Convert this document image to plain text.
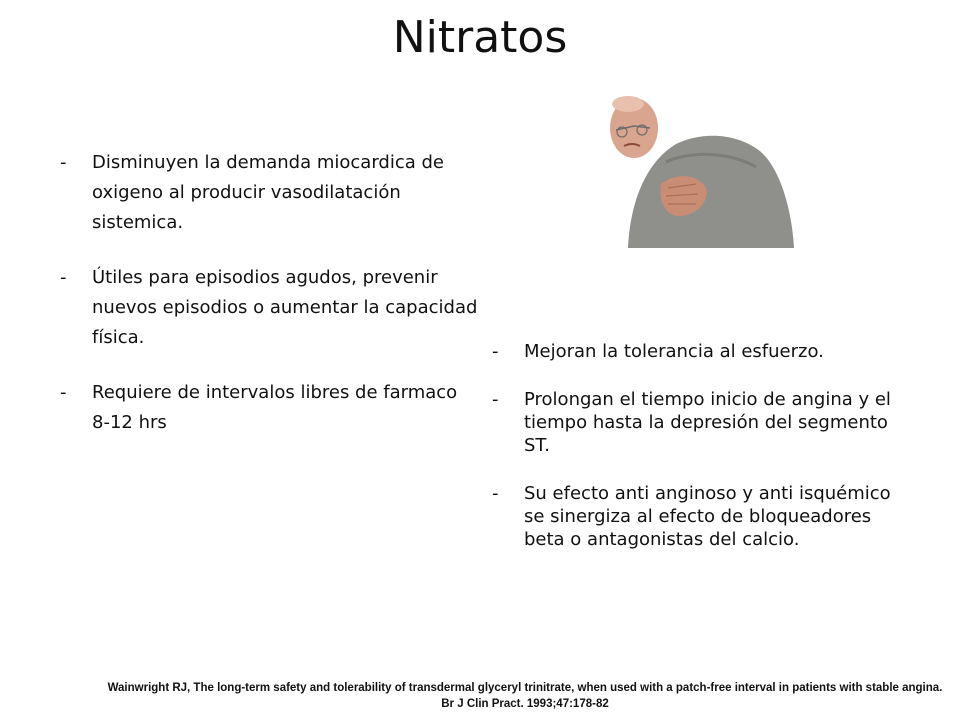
Nitratos
-	Disminuyen la demanda miocardica de oxigeno al producir vasodilatación sistemica.
-	Útiles para episodios agudos, prevenir nuevos episodios o aumentar la capacidad física.
-	Requiere de intervalos libres de farmaco 8-12 hrs
-	Mejoran la tolerancia al esfuerzo.
-	Prolongan el tiempo inicio de angina y el tiempo hasta la depresión del segmento ST.
-	Su efecto anti anginoso y anti isquémico se sinergiza al efecto de bloqueadores beta o antagonistas del calcio.
Wainwright RJ, The long-term safety and tolerability of transdermal glyceryl trinitrate, when used with a patch-free interval in patients with stable angina. Br J Clin Pract. 1993;47:178-82
